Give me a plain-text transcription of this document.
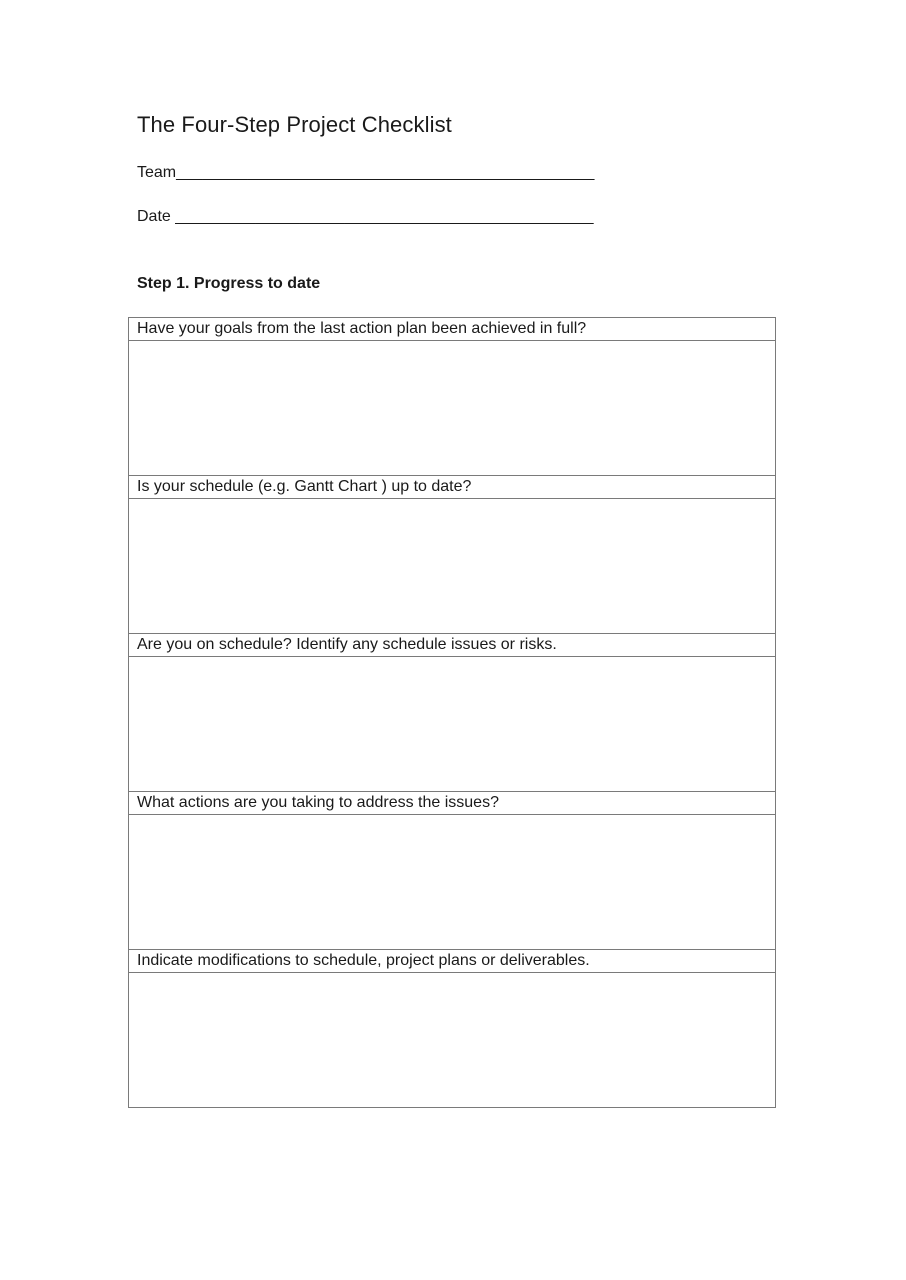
The Four-Step Project Checklist
Team_______________________________________________
Date _______________________________________________
Step 1. Progress to date
Have your goals from the last action plan been achieved in full?

Is your schedule (e.g. Gantt Chart ) up to date?

Are you on schedule? Identify any schedule issues or risks.

What actions are you taking to address the issues?

Indicate modifications to schedule, project plans or deliverables.
